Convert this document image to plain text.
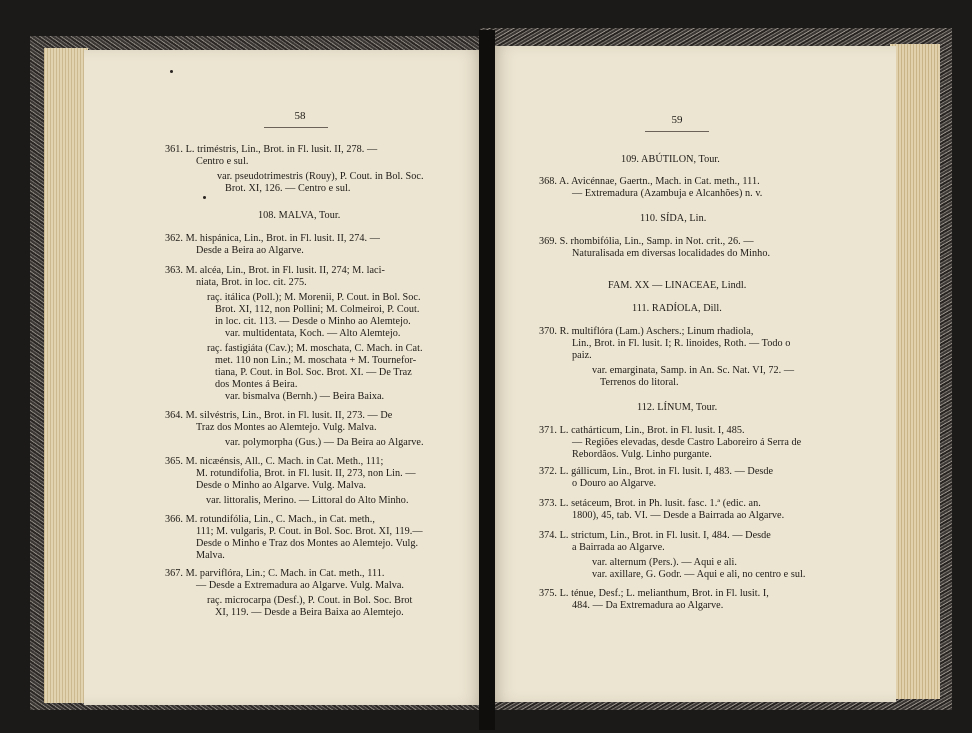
58
361. L. triméstris, Lin., Brot. in Fl. lusit. II, 278. —
Centro e sul.
var. pseudotrimestris (Rouy), P. Cout. in Bol. Soc.
Brot. XI, 126. — Centro e sul.
108. MALVA, Tour.
362. M. hispánica, Lin., Brot. in Fl. lusit. II, 274. —
Desde a Beira ao Algarve.
363. M. alcéa, Lin., Brot. in Fl. lusit. II, 274; M. laci-
niata, Brot. in loc. cit. 275.
raç. itálica (Poll.); M. Morenii, P. Cout. in Bol. Soc.
Brot. XI, 112, non Pollini; M. Colmeiroi, P. Cout.
in loc. cit. 113. — Desde o Minho ao Alemtejo.
var. multidentata, Koch. — Alto Alemtejo.
raç. fastigiáta (Cav.); M. moschata, C. Mach. in Cat.
met. 110 non Lin.; M. moschata + M. Tournefor-
tiana, P. Cout. in Bol. Soc. Brot. XI. — De Traz
dos Montes á Beira.
var. bismalva (Bernh.) — Beira Baixa.
364. M. silvéstris, Lin., Brot. in Fl. lusit. II, 273. — De
Traz dos Montes ao Alemtejo. Vulg. Malva.
var. polymorpha (Gus.) — Da Beira ao Algarve.
365. M. nicæénsis, All., C. Mach. in Cat. Meth., 111;
M. rotundifolia, Brot. in Fl. lusit. II, 273, non Lin. —
Desde o Minho ao Algarve. Vulg. Malva.
var. littoralis, Merino. — Littoral do Alto Minho.
366. M. rotundifólia, Lin., C. Mach., in Cat. meth.,
111; M. vulgaris, P. Cout. in Bol. Soc. Brot. XI, 119.—
Desde o Minho e Traz dos Montes ao Alemtejo. Vulg.
Malva.
367. M. parviflóra, Lin.; C. Mach. in Cat. meth., 111.
— Desde a Extremadura ao Algarve. Vulg. Malva.
raç. microcarpa (Desf.), P. Cout. in Bol. Soc. Brot
XI, 119. — Desde a Beira Baixa ao Alemtejo.
59
109. ABÚTILON, Tour.
368. A. Avicénnae, Gaertn., Mach. in Cat. meth., 111.
— Extremadura (Azambuja e Alcanhões) n. v.
110. SÍDA, Lin.
369. S. rhombifólia, Lin., Samp. in Not. crit., 26. —
Naturalisada em diversas localidades do Minho.
FAM. XX — LINACEAE, Lindl.
111. RADÍOLA, Dill.
370. R. multiflóra (Lam.) Aschers.; Linum rhadiola,
Lin., Brot. in Fl. lusit. I; R. linoides, Roth. — Todo o
paiz.
var. emarginata, Samp. in An. Sc. Nat. VI, 72. —
Terrenos do litoral.
112. LÍNUM, Tour.
371. L. cathárticum, Lin., Brot. in Fl. lusit. I, 485.
— Regiões elevadas, desde Castro Laboreiro á Serra de
Rebordãos. Vulg. Linho purgante.
372. L. gállicum, Lin., Brot. in Fl. lusit. I, 483. — Desde
o Douro ao Algarve.
373. L. setáceum, Brot. in Ph. lusit. fasc. 1.ª (edic. an.
1800), 45, tab. VI. — Desde a Bairrada ao Algarve.
374. L. strictum, Lin., Brot. in Fl. lusit. I, 484. — Desde
a Bairrada ao Algarve.
var. alternum (Pers.). — Aqui e ali.
var. axillare, G. Godr. — Aqui e ali, no centro e sul.
375. L. ténue, Desf.; L. melianthum, Brot. in Fl. lusit. I,
484. — Da Extremadura ao Algarve.
